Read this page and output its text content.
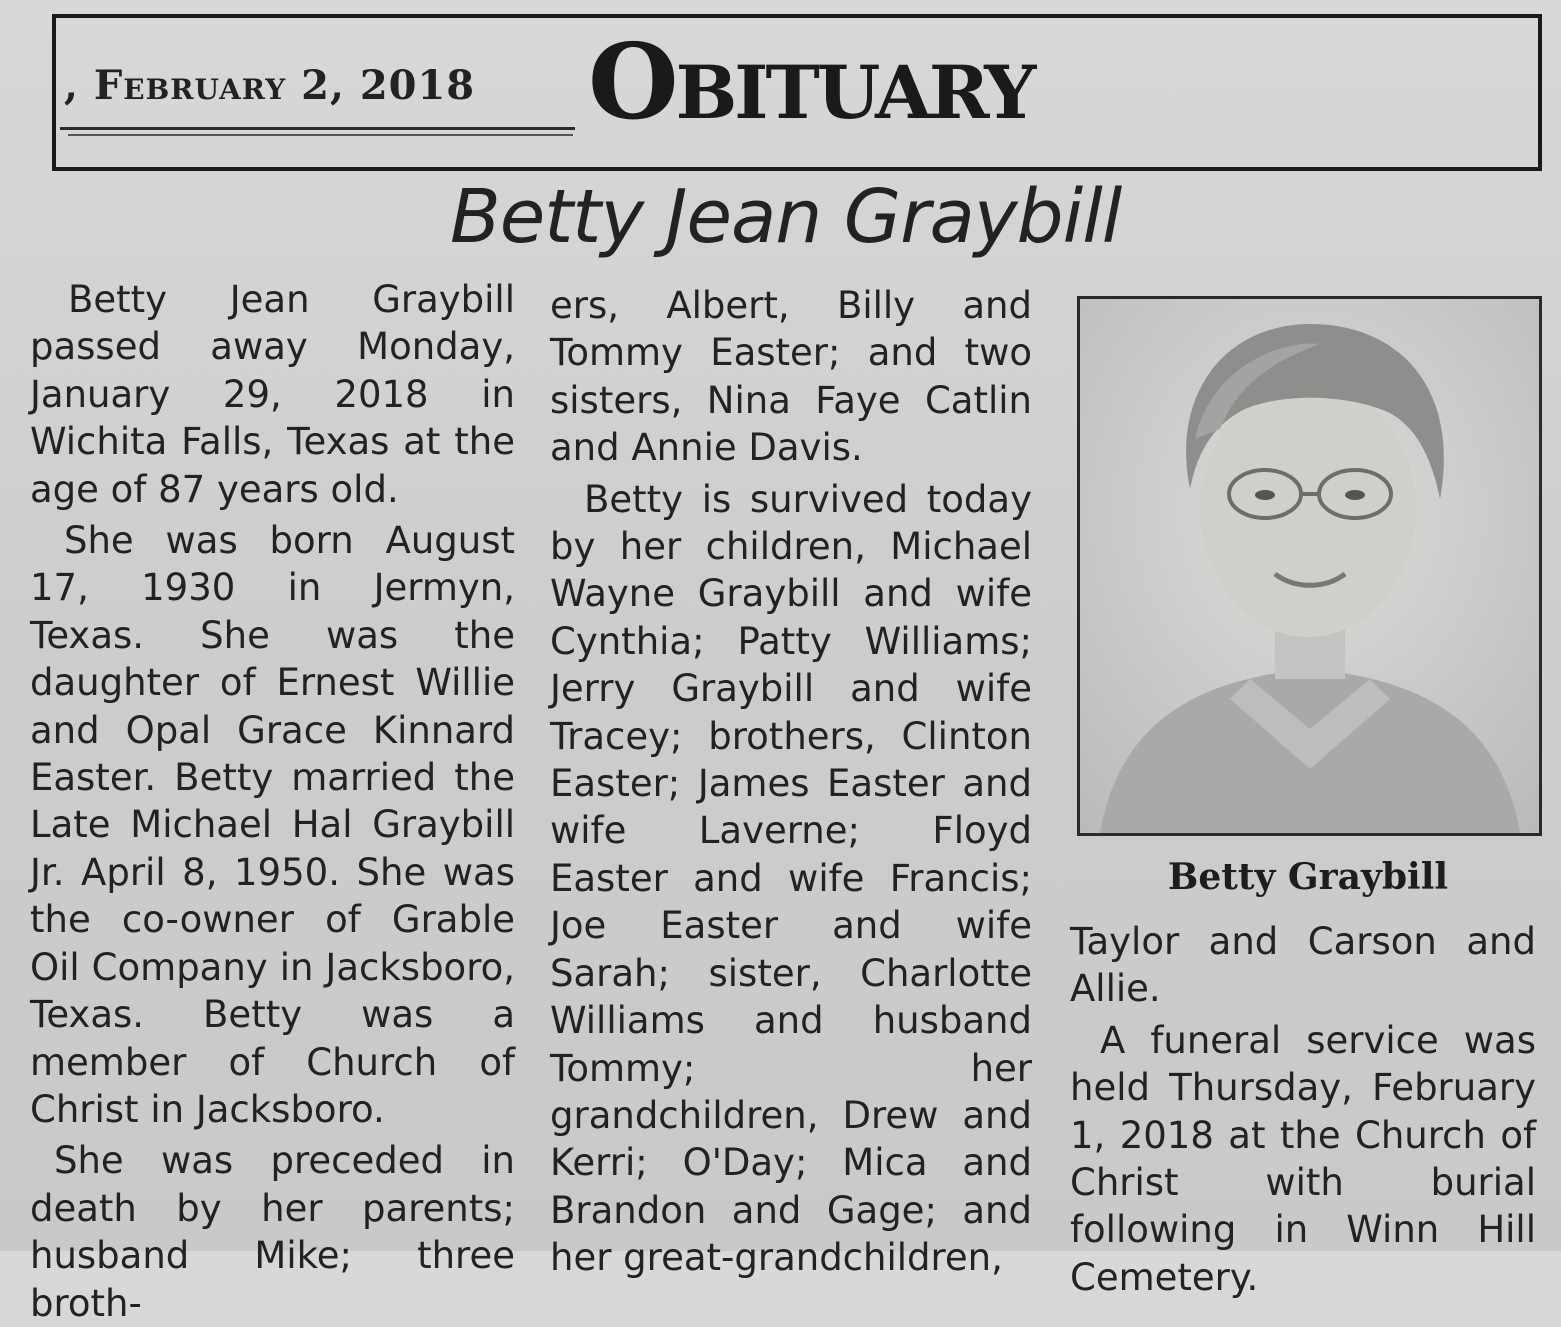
, February 2, 2018	Obituary
Betty Jean Graybill

Betty Jean Graybill passed away Monday, January 29, 2018 in Wichita Falls, Texas at the age of 87 years old.

She was born August 17, 1930 in Jermyn, Texas. She was the daughter of Ernest Willie and Opal Grace Kinnard Easter. Betty married the Late Michael Hal Graybill Jr. April 8, 1950. She was the co-owner of Grable Oil Company in Jacksboro, Texas. Betty was a member of Church of Christ in Jacksboro.

She was preceded in death by her parents; husband Mike; three broth-

ers, Albert, Billy and Tommy Easter; and two sisters, Nina Faye Catlin and Annie Davis.

Betty is survived today by her children, Michael Wayne Graybill and wife Cynthia; Patty Williams; Jerry Graybill and wife Tracey; brothers, Clinton Easter; James Easter and wife Laverne; Floyd Easter and wife Francis; Joe Easter and wife Sarah; sister, Charlotte Williams and husband Tommy; her grandchildren, Drew and Kerri; O'Day; Mica and Brandon and Gage; and her great-grandchildren,

Betty Graybill

Taylor and Carson and Allie.

A funeral service was held Thursday, February 1, 2018 at the Church of Christ with burial following in Winn Hill Cemetery.
